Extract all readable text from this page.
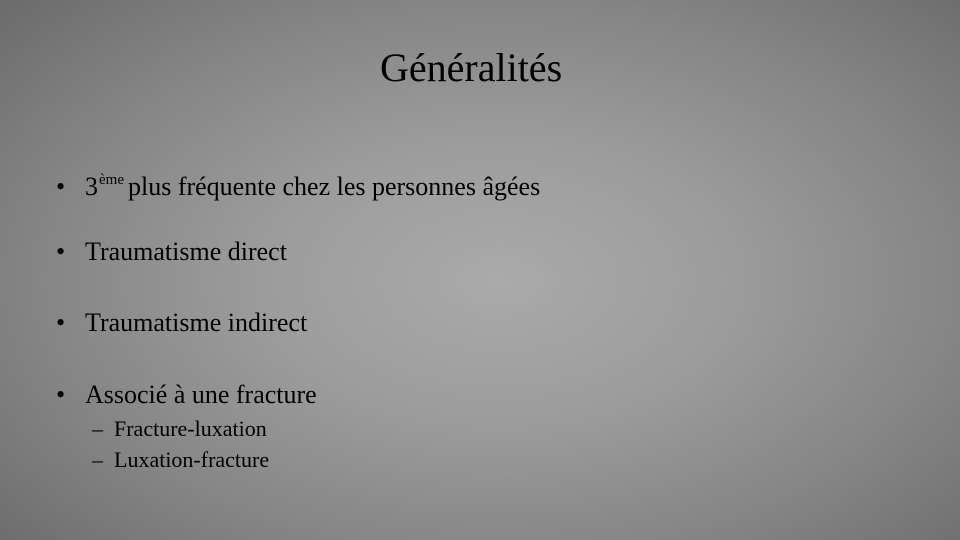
Généralités
• 3ème plus fréquente chez les personnes âgées
• Traumatisme direct
• Traumatisme indirect
• Associé à une fracture
– Fracture-luxation
– Luxation-fracture
